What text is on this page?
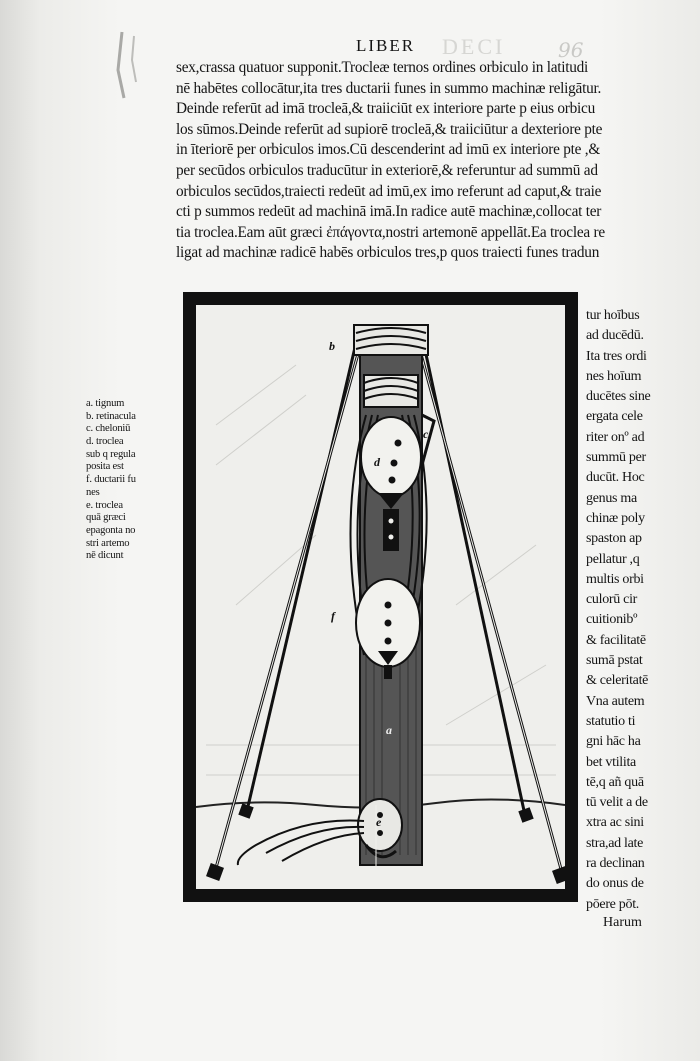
DECI	96
LIBER
sex,crassa quatuor supponit.Trocleæ ternos ordines orbiculo in latitudi
nē habētes collocātur,ita tres ductarii funes in summo machinæ religātur.
Deinde referūt ad imā trocleā,& traiiciūt ex interiore parte p eius orbicu
los sūmos.Deinde referūt ad supiorē trocleā,& traiiciūtur a dexteriore pte
in īteriorē per orbiculos imos.Cū descenderint ad imū ex interiore pte ,&
per secūdos orbiculos traducūtur in exteriorē,& referuntur ad summū ad
orbiculos secūdos,traiecti redeūt ad imū,ex imo referunt ad caput,& traie
cti p summos redeūt ad machinā imā.In radice autē machinæ,collocat ter
tia troclea.Eam aūt græci ἐπάγοντα,nostri artemonē appellāt.Ea troclea re
ligat ad machinæ radicē habēs orbiculos tres,p quos traiecti funes tradun
tur hoībus
ad ducēdū.
Ita tres ordi
nes hoīum
ducētes sine
ergata cele
riter onº ad
summū per
ducūt. Hoc
genus ma
chinæ poly
spaston ap
pellatur ,q
multis orbi
culorū cir
cuitionibº
& facilitatē
sumā pstat
& celeritatē
Vna autem
statutio ti
gni hāc ha
bet vtilita
tē,q añ quā
tū velit a de
xtra ac sini
stra,ad late
ra declinan
do onus de
pōere pōt.
Harum
a. tignum
b. retinacula
c. cheloniū
d. troclea
sub q regula
posita est
f. ductarii fu
nes
e. troclea
quā græci
epagonta no
stri artemo
nē dicunt
b
c
d
f
a
e
